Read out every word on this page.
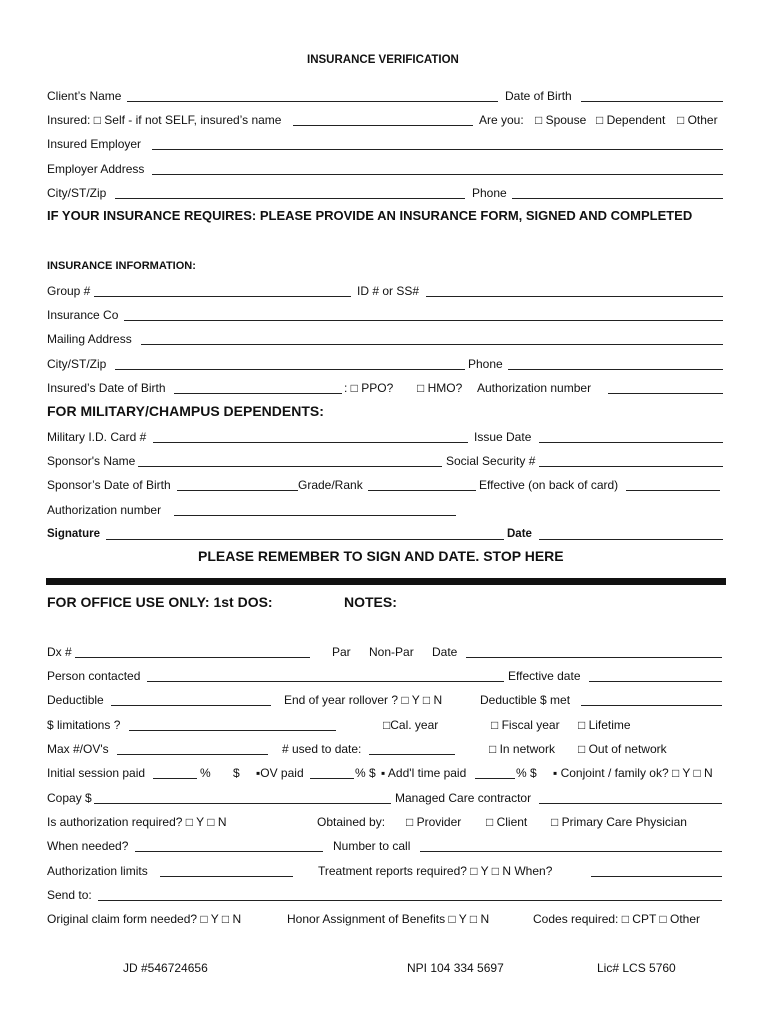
INSURANCE VERIFICATION
Client’s Name	Date of Birth
Insured: □ Self - if not SELF, insured’s name	Are you: □ Spouse □ Dependent □ Other
Insured Employer
Employer Address
City/ST/Zip	Phone
IF YOUR INSURANCE REQUIRES: PLEASE PROVIDE AN INSURANCE FORM, SIGNED AND COMPLETED
INSURANCE INFORMATION:
Group #	ID # or SS#
Insurance Co
Mailing Address
City/ST/Zip	Phone
Insured’s Date of Birth	: □ PPO? □ HMO? Authorization number
FOR MILITARY/CHAMPUS DEPENDENTS:
Military I.D. Card #	Issue Date
Sponsor's Name	Social Security #
Sponsor’s Date of Birth	Grade/Rank	Effective (on back of card)
Authorization number
Signature	Date
PLEASE REMEMBER TO SIGN AND DATE. STOP HERE
FOR OFFICE USE ONLY: 1st DOS:	NOTES:
Dx #	Par Non-Par Date
Person contacted	Effective date
Deductible	End of year rollover ? □ Y □ N	Deductible $ met
$ limitations ?	□Cal. year	□ Fiscal year □ Lifetime
Max #/OV's	# used to date:	□ In network □ Out of network
Initial session paid	% $ ▪OV paid	% $ ▪ Add'l time paid	% $ ▪ Conjoint / family ok? □ Y □ N
Copay $	Managed Care contractor
Is authorization required? □ Y □ N	Obtained by: □ Provider □ Client □ Primary Care Physician
When needed?	Number to call
Authorization limits	Treatment reports required? □ Y □ N When?
Send to:
Original claim form needed? □ Y □ N	Honor Assignment of Benefits □ Y □ N	Codes required: □ CPT □ Other
JD #546724656	NPI 104 334 5697	Lic# LCS 5760
